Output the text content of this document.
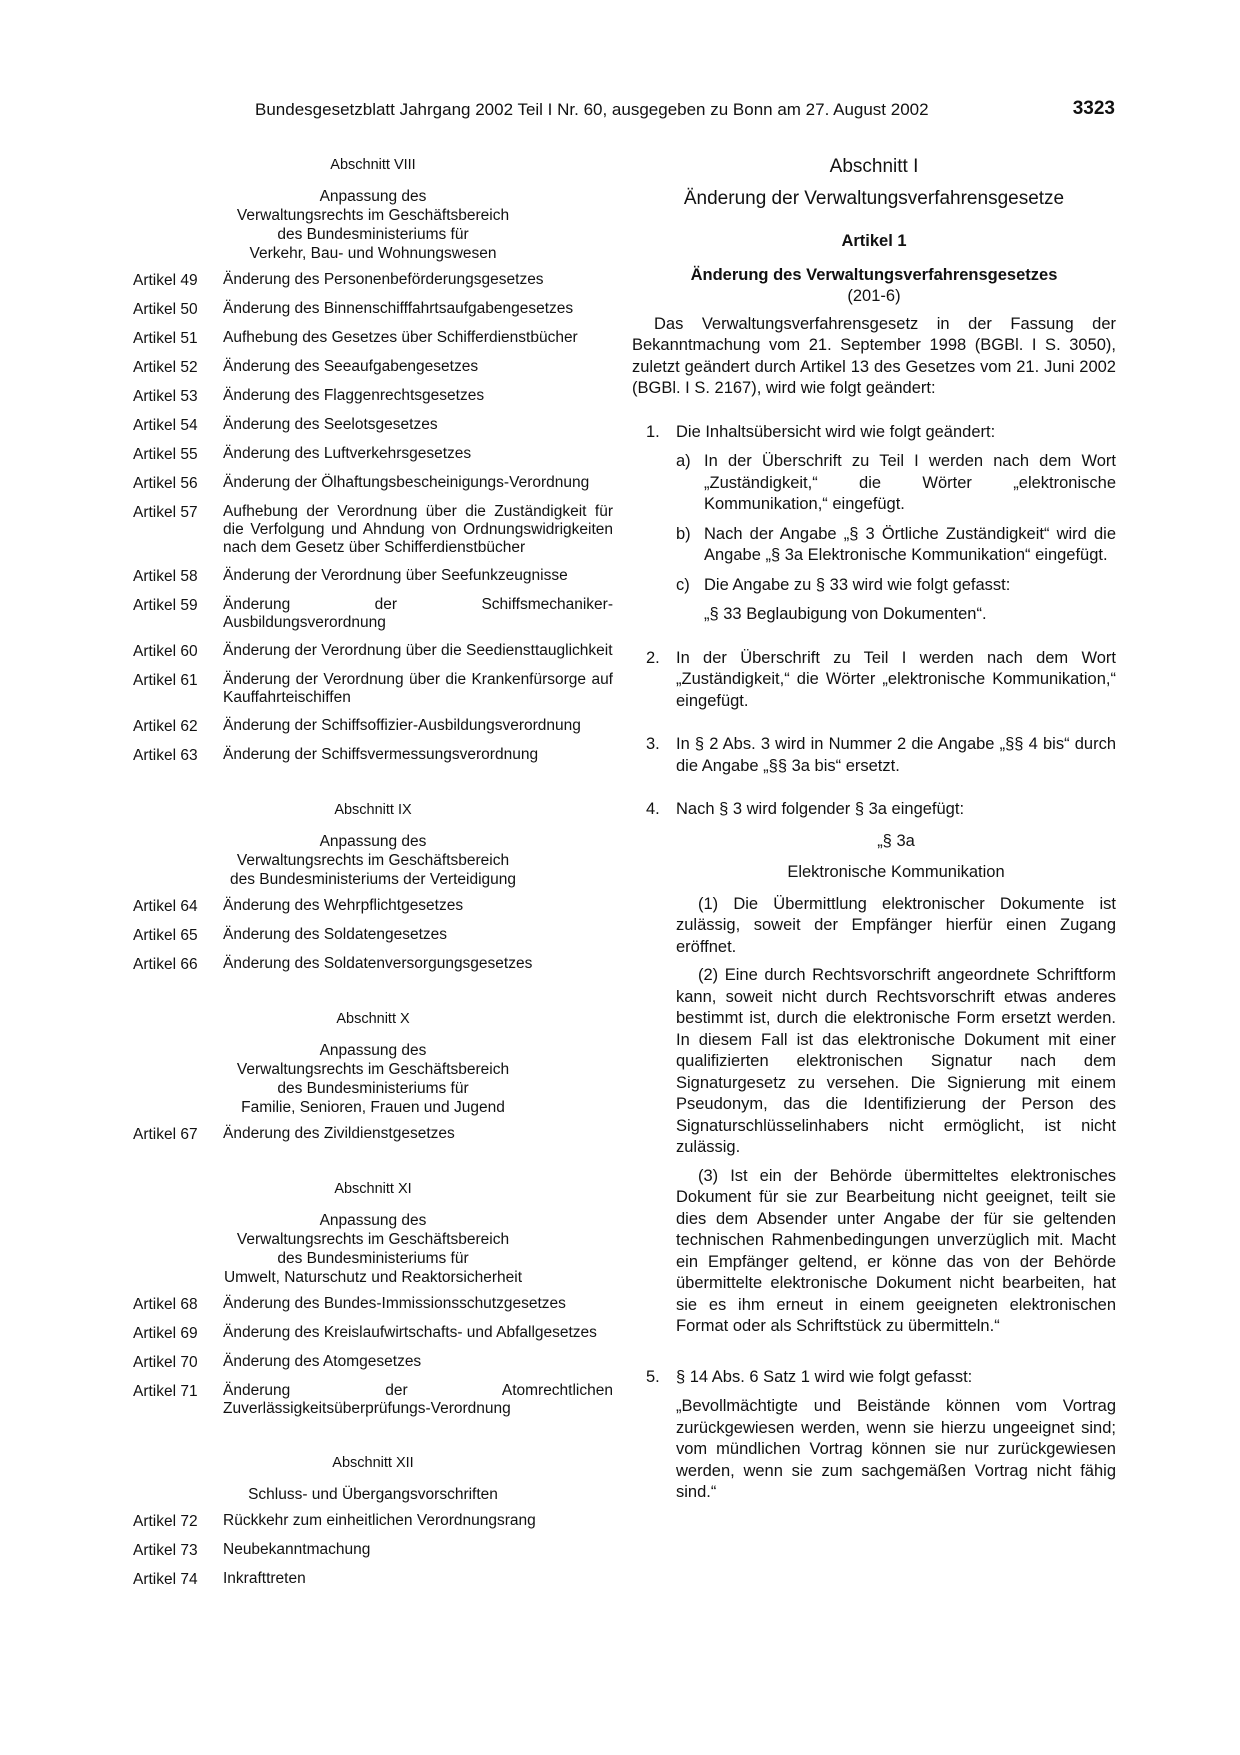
Bundesgesetzblatt Jahrgang 2002 Teil I Nr. 60, ausgegeben zu Bonn am 27. August 2002	3323
Abschnitt VIII
Anpassung des
Verwaltungsrechts im Geschäftsbereich
des Bundesministeriums für
Verkehr, Bau- und Wohnungswesen
Artikel 49	Änderung des Personenbeförderungsgesetzes
Artikel 50	Änderung des Binnenschifffahrtsaufgabengesetzes
Artikel 51	Aufhebung des Gesetzes über Schifferdienstbücher
Artikel 52	Änderung des Seeaufgabengesetzes
Artikel 53	Änderung des Flaggenrechtsgesetzes
Artikel 54	Änderung des Seelotsgesetzes
Artikel 55	Änderung des Luftverkehrsgesetzes
Artikel 56	Änderung der Ölhaftungsbescheinigungs-Verordnung
Artikel 57	Aufhebung der Verordnung über die Zuständigkeit für die Verfolgung und Ahndung von Ordnungswidrigkeiten nach dem Gesetz über Schifferdienstbücher
Artikel 58	Änderung der Verordnung über Seefunkzeugnisse
Artikel 59	Änderung der Schiffsmechaniker-Ausbildungsverordnung
Artikel 60	Änderung der Verordnung über die Seediensttauglichkeit
Artikel 61	Änderung der Verordnung über die Krankenfürsorge auf Kauffahrteischiffen
Artikel 62	Änderung der Schiffsoffizier-Ausbildungsverordnung
Artikel 63	Änderung der Schiffsvermessungsverordnung
Abschnitt IX
Anpassung des
Verwaltungsrechts im Geschäftsbereich
des Bundesministeriums der Verteidigung
Artikel 64	Änderung des Wehrpflichtgesetzes
Artikel 65	Änderung des Soldatengesetzes
Artikel 66	Änderung des Soldatenversorgungsgesetzes
Abschnitt X
Anpassung des
Verwaltungsrechts im Geschäftsbereich
des Bundesministeriums für
Familie, Senioren, Frauen und Jugend
Artikel 67	Änderung des Zivildienstgesetzes
Abschnitt XI
Anpassung des
Verwaltungsrechts im Geschäftsbereich
des Bundesministeriums für
Umwelt, Naturschutz und Reaktorsicherheit
Artikel 68	Änderung des Bundes-Immissionsschutzgesetzes
Artikel 69	Änderung des Kreislaufwirtschafts- und Abfallgesetzes
Artikel 70	Änderung des Atomgesetzes
Artikel 71	Änderung der Atomrechtlichen Zuverlässigkeitsüberprüfungs-Verordnung
Abschnitt XII
Schluss- und Übergangsvorschriften
Artikel 72	Rückkehr zum einheitlichen Verordnungsrang
Artikel 73	Neubekanntmachung
Artikel 74	Inkrafttreten

Abschnitt I

Änderung der Verwaltungsverfahrensgesetze

Artikel 1

Änderung des Verwaltungsverfahrensgesetzes

(201-6)

Das Verwaltungsverfahrensgesetz in der Fassung der Bekanntmachung vom 21. September 1998 (BGBl. I S. 3050), zuletzt geändert durch Artikel 13 des Gesetzes vom 21. Juni 2002 (BGBl. I S. 2167), wird wie folgt geändert:

1. Die Inhaltsübersicht wird wie folgt geändert:
a) In der Überschrift zu Teil I werden nach dem Wort „Zuständigkeit,“ die Wörter „elektronische Kommunikation,“ eingefügt.
b) Nach der Angabe „§ 3 Örtliche Zuständigkeit“ wird die Angabe „§ 3a Elektronische Kommunikation“ eingefügt.
c) Die Angabe zu § 33 wird wie folgt gefasst:
„§ 33 Beglaubigung von Dokumenten“.
2. In der Überschrift zu Teil I werden nach dem Wort „Zuständigkeit,“ die Wörter „elektronische Kommunikation,“ eingefügt.
3. In § 2 Abs. 3 wird in Nummer 2 die Angabe „§§ 4 bis“ durch die Angabe „§§ 3a bis“ ersetzt.
4. Nach § 3 wird folgender § 3a eingefügt:
„§ 3a
Elektronische Kommunikation

(1) Die Übermittlung elektronischer Dokumente ist zulässig, soweit der Empfänger hierfür einen Zugang eröffnet.

(2) Eine durch Rechtsvorschrift angeordnete Schriftform kann, soweit nicht durch Rechtsvorschrift etwas anderes bestimmt ist, durch die elektronische Form ersetzt werden. In diesem Fall ist das elektronische Dokument mit einer qualifizierten elektronischen Signatur nach dem Signaturgesetz zu versehen. Die Signierung mit einem Pseudonym, das die Identifizierung der Person des Signaturschlüsselinhabers nicht ermöglicht, ist nicht zulässig.

(3) Ist ein der Behörde übermitteltes elektronisches Dokument für sie zur Bearbeitung nicht geeignet, teilt sie dies dem Absender unter Angabe der für sie geltenden technischen Rahmenbedingungen unverzüglich mit. Macht ein Empfänger geltend, er könne das von der Behörde übermittelte elektronische Dokument nicht bearbeiten, hat sie es ihm erneut in einem geeigneten elektronischen Format oder als Schriftstück zu übermitteln.“

5. § 14 Abs. 6 Satz 1 wird wie folgt gefasst:
„Bevollmächtigte und Beistände können vom Vortrag zurückgewiesen werden, wenn sie hierzu ungeeignet sind; vom mündlichen Vortrag können sie nur zurückgewiesen werden, wenn sie zum sachgemäßen Vortrag nicht fähig sind.“
